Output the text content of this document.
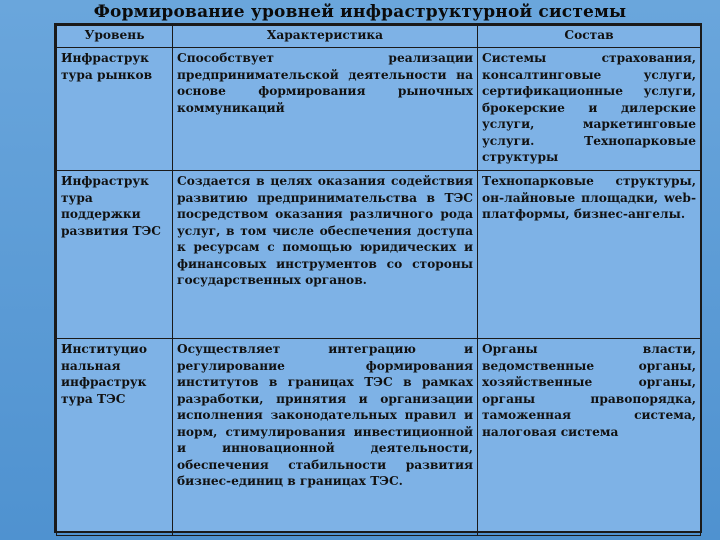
Формирование уровней инфраструктурной системы
Уровень	Характеристика	Состав
Инфраструк тура рынков	Способствует реализации предпринимательской деятельности на основе формирования рыночных коммуникаций	Системы страхования, консалтинговые услуги, сертификационные услуги, брокерские и дилерские услуги, маркетинговые услуги. Технопарковые структуры
Инфраструк тура поддержки развития ТЭС	Создается в целях оказания содействия развитию предпринимательства в ТЭС посредством оказания различного рода услуг, в том числе обеспечения доступа к ресурсам с помощью юридических и финансовых инструментов со стороны государственных органов.	Технопарковые структуры, он-лайновые площадки, web-платформы, бизнес-ангелы.
Институцио нальная инфраструк тура ТЭС	Осуществляет интеграцию и регулирование формирования институтов в границах ТЭС в рамках разработки, принятия и организации исполнения законодательных правил и норм, стимулирования инвестиционной и инновационной деятельности, обеспечения стабильности развития бизнес-единиц в границах ТЭС.	Органы власти, ведомственные органы, хозяйственные органы, органы правопорядка, таможенная система, налоговая система
